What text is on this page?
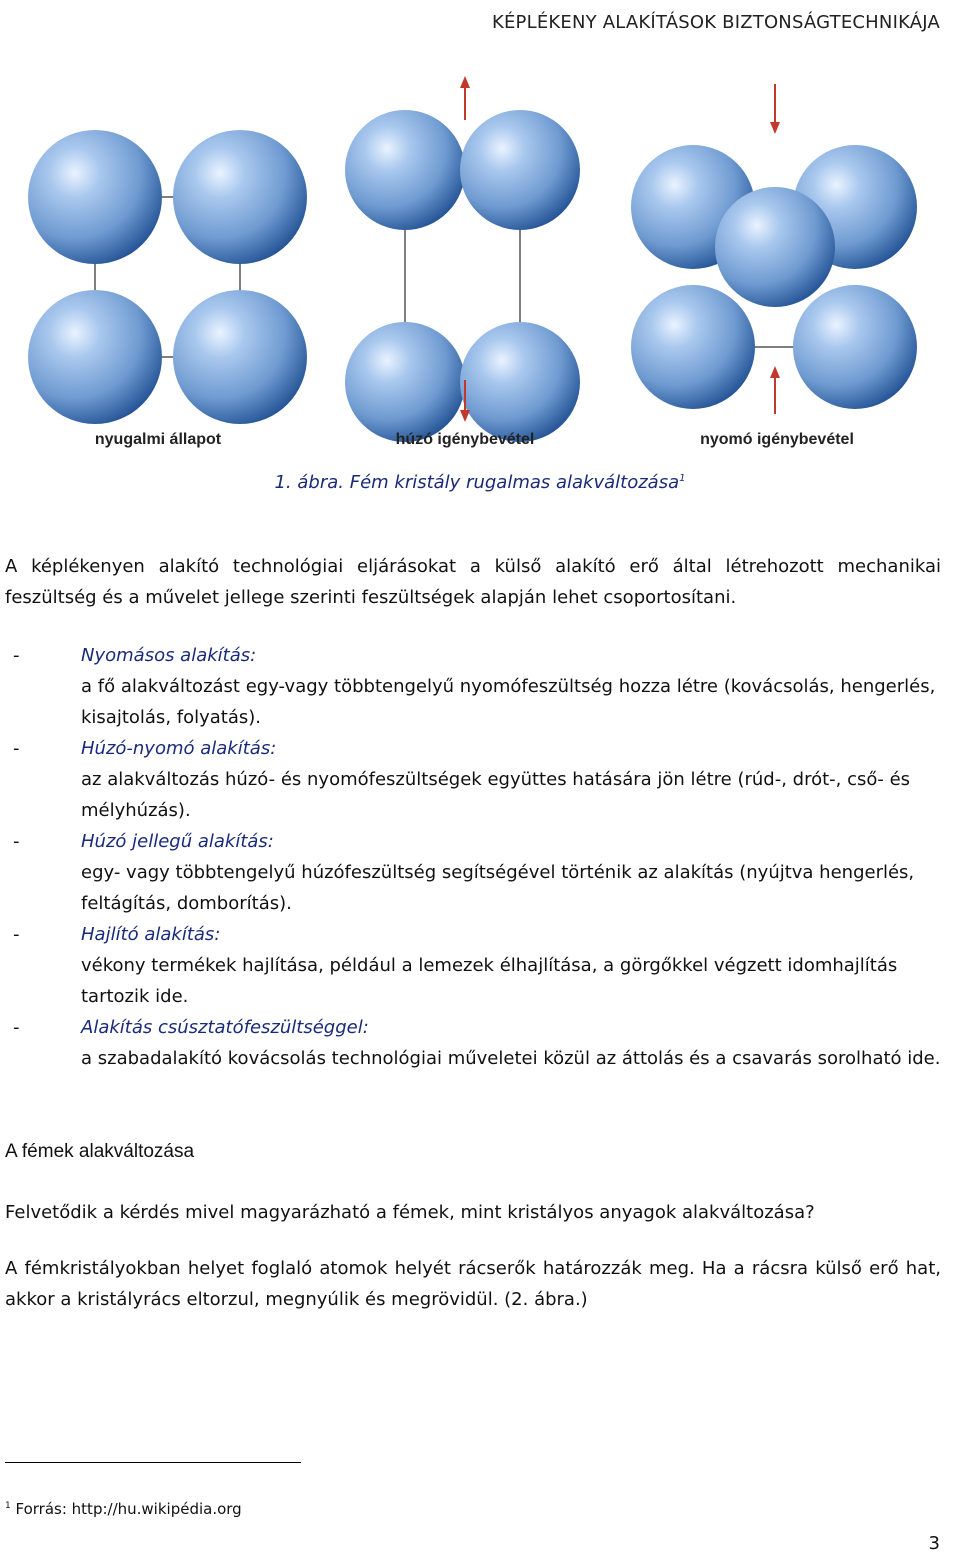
KÉPLÉKENY ALAKÍTÁSOK BIZTONSÁGTECHNIKÁJA
nyugalmi állapot	húzó igénybevétel	nyomó igénybevétel
1. ábra. Fém kristály rugalmas alakváltozása$^1$
A képlékenyen alakító technológiai eljárásokat a külső alakító erő által létrehozott mechanikai feszültség és a művelet jellege szerinti feszültségek alapján lehet csoportosítani.
-	Nyomásos alakítás:
a fő alakváltozást egy-vagy többtengelyű nyomófeszültség hozza létre (kovácsolás, hengerlés, kisajtolás, folyatás).
-	Húzó-nyomó alakítás:
az alakváltozás húzó- és nyomófeszültségek együttes hatására jön létre (rúd-, drót-, cső- és mélyhúzás).
-	Húzó jellegű alakítás:
egy- vagy többtengelyű húzófeszültség segítségével történik az alakítás (nyújtva hengerlés, feltágítás, domborítás).
-	Hajlító alakítás:
vékony termékek hajlítása, például a lemezek élhajlítása, a görgőkkel végzett idomhajlítás tartozik ide.
-	Alakítás csúsztatófeszültséggel:
a szabadalakító kovácsolás technológiai műveletei közül az áttolás és a csavarás sorolható ide.
A fémek alakváltozása
Felvetődik a kérdés mivel magyarázható a fémek, mint kristályos anyagok alakváltozása?
A fémkristályokban helyet foglaló atomok helyét rácserők határozzák meg. Ha a rácsra külső erő hat, akkor a kristályrács eltorzul, megnyúlik és megrövidül. (2. ábra.)
$^1$ Forrás: http://hu.wikipédia.org
3
